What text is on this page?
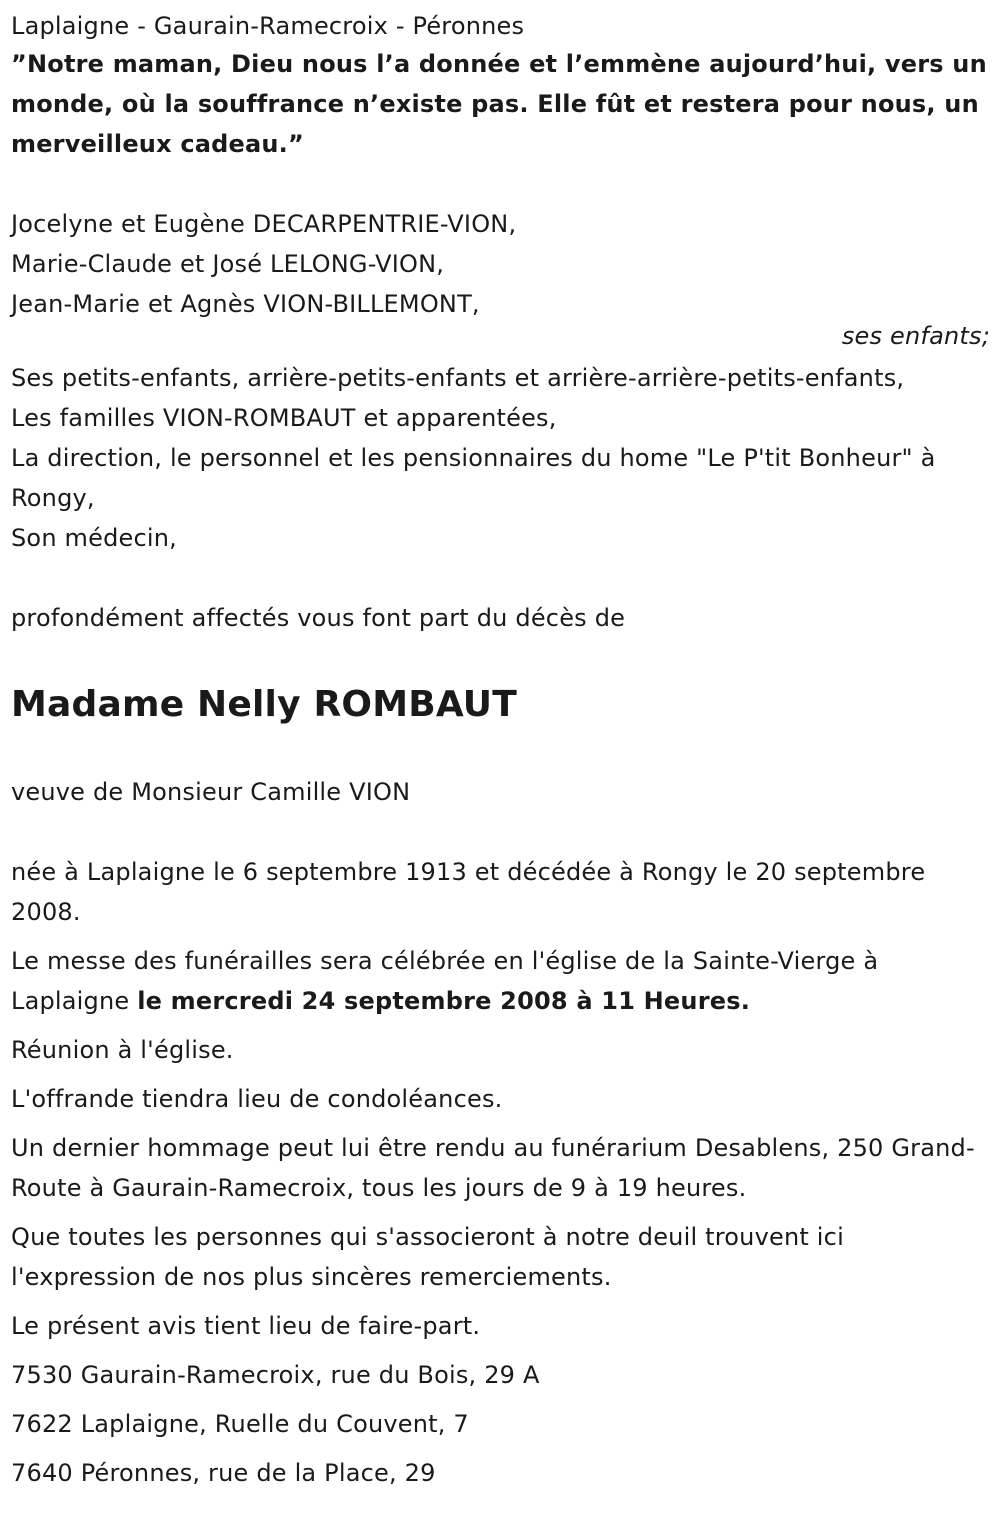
Laplaigne - Gaurain-Ramecroix - Péronnes

”Notre maman, Dieu nous l’a donnée et l’emmène aujourd’hui, vers un monde, où la souffrance n’existe pas. Elle fût et restera pour nous, un merveilleux cadeau.”

Jocelyne et Eugène DECARPENTRIE-VION,

Marie-Claude et José LELONG-VION,

Jean-Marie et Agnès VION-BILLEMONT,

ses enfants;

Ses petits-enfants, arrière-petits-enfants et arrière-arrière-petits-enfants,

Les familles VION-ROMBAUT et apparentées,

La direction, le personnel et les pensionnaires du home "Le P'tit Bonheur" à Rongy,

Son médecin,

profondément affectés vous font part du décès de

Madame Nelly ROMBAUT

veuve de Monsieur Camille VION

née à Laplaigne le 6 septembre 1913 et décédée à Rongy le 20 septembre 2008.

Le messe des funérailles sera célébrée en l'église de la Sainte-Vierge à Laplaigne le mercredi 24 septembre 2008 à 11 Heures.

Réunion à l'église.

L'offrande tiendra lieu de condoléances.

Un dernier hommage peut lui être rendu au funérarium Desablens, 250 Grand-Route à Gaurain-Ramecroix, tous les jours de 9 à 19 heures.

Que toutes les personnes qui s'associeront à notre deuil trouvent ici l'expression de nos plus sincères remerciements.

Le présent avis tient lieu de faire-part.

7530 Gaurain-Ramecroix, rue du Bois, 29 A

7622 Laplaigne, Ruelle du Couvent, 7

7640 Péronnes, rue de la Place, 29
